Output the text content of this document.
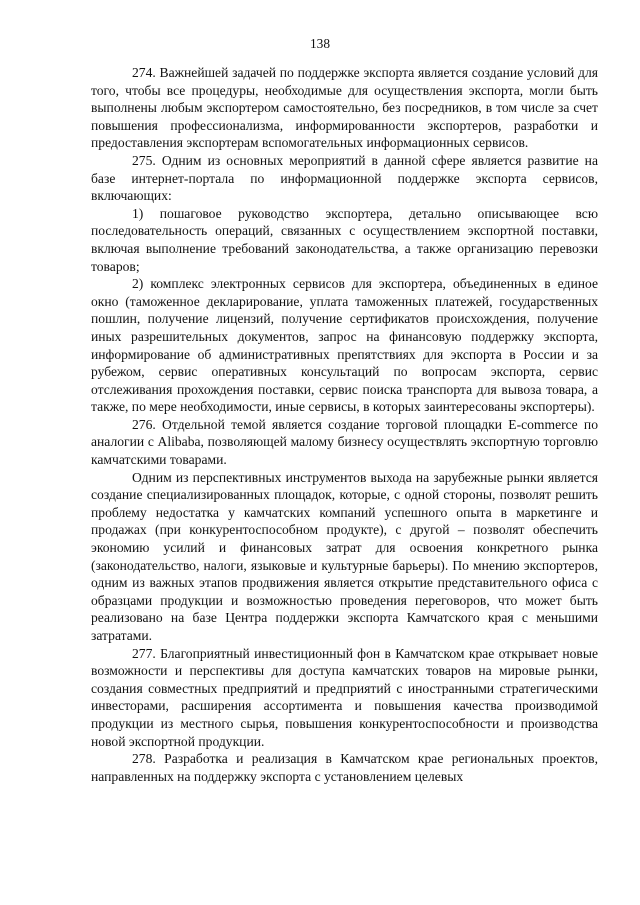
138

274. Важнейшей задачей по поддержке экспорта является создание условий для того, чтобы все процедуры, необходимые для осуществления экспорта, могли быть выполнены любым экспортером самостоятельно, без посредников, в том числе за счет повышения профессионализма, информированности экспортеров, разработки и предоставления экспортерам вспомогательных информационных сервисов.

275. Одним из основных мероприятий в данной сфере является развитие на базе интернет-портала по информационной поддержке экспорта сервисов, включающих:

1) пошаговое руководство экспортера, детально описывающее всю последовательность операций, связанных с осуществлением экспортной поставки, включая выполнение требований законодательства, а также организацию перевозки товаров;

2) комплекс электронных сервисов для экспортера, объединенных в единое окно (таможенное декларирование, уплата таможенных платежей, государственных пошлин, получение лицензий, получение сертификатов происхождения, получение иных разрешительных документов, запрос на финансовую поддержку экспорта, информирование об административных препятствиях для экспорта в России и за рубежом, сервис оперативных консультаций по вопросам экспорта, сервис отслеживания прохождения поставки, сервис поиска транспорта для вывоза товара, а также, по мере необходимости, иные сервисы, в которых заинтересованы экспортеры).

276. Отдельной темой является создание торговой площадки E-commerce по аналогии с Alibaba, позволяющей малому бизнесу осуществлять экспортную торговлю камчатскими товарами.

Одним из перспективных инструментов выхода на зарубежные рынки является создание специализированных площадок, которые, с одной стороны, позволят решить проблему недостатка у камчатских компаний успешного опыта в маркетинге и продажах (при конкурентоспособном продукте), с другой – позволят обеспечить экономию усилий и финансовых затрат для освоения конкретного рынка (законодательство, налоги, языковые и культурные барьеры). По мнению экспортеров, одним из важных этапов продвижения является открытие представительного офиса с образцами продукции и возможностью проведения переговоров, что может быть реализовано на базе Центра поддержки экспорта Камчатского края с меньшими затратами.

277. Благоприятный инвестиционный фон в Камчатском крае открывает новые возможности и перспективы для доступа камчатских товаров на мировые рынки, создания совместных предприятий и предприятий с иностранными стратегическими инвесторами, расширения ассортимента и повышения качества производимой продукции из местного сырья, повышения конкурентоспособности и производства новой экспортной продукции.

278. Разработка и реализация в Камчатском крае региональных проектов, направленных на поддержку экспорта с установлением целевых
